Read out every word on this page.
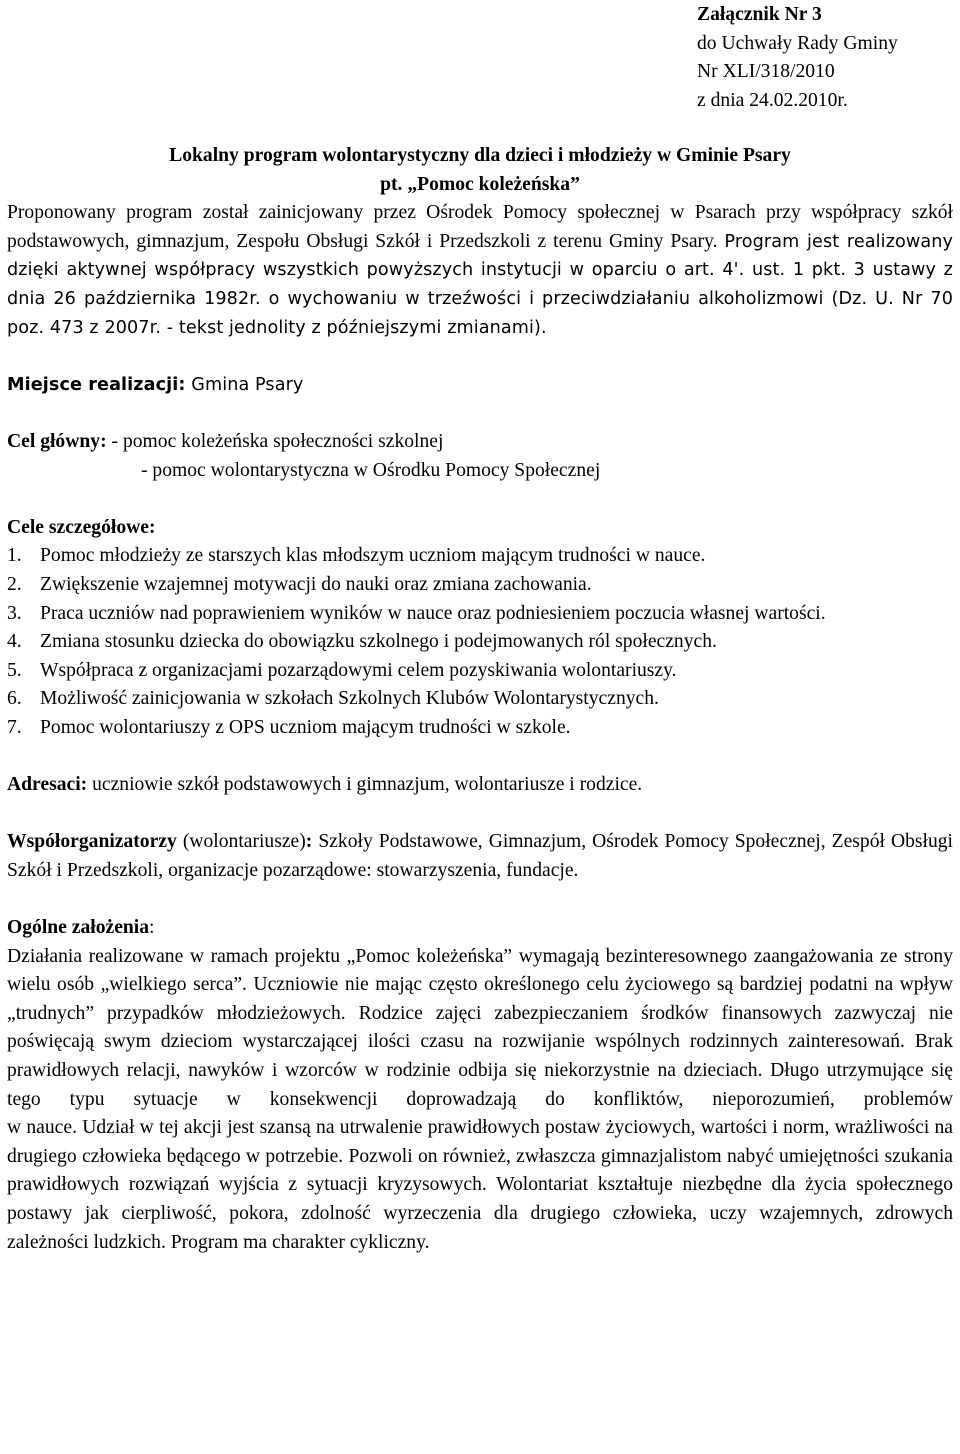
Załącznik Nr 3
do Uchwały Rady Gminy
Nr XLI/318/2010
z dnia 24.02.2010r.

Lokalny program wolontarystyczny dla dzieci i młodzieży w Gminie Psary

pt. „Pomoc koleżeńska”

Proponowany program został zainicjowany przez Ośrodek Pomocy społecznej w Psarach przy współpracy szkół podstawowych, gimnazjum, Zespołu Obsługi Szkół i Przedszkoli z terenu Gminy Psary. Program jest realizowany dzięki aktywnej współpracy wszystkich powyższych instytucji w oparciu o art. 4'. ust. 1 pkt. 3 ustawy z dnia 26 października 1982r. o wychowaniu w trzeźwości i przeciwdziałaniu alkoholizmowi (Dz. U. Nr 70 poz. 473 z 2007r. - tekst jednolity z późniejszymi zmianami).

Miejsce realizacji: Gmina Psary

Cel główny: - pomoc koleżeńska społeczności szkolnej

- pomoc wolontarystyczna w Ośrodku Pomocy Społecznej

Cele szczegółowe:

1. Pomoc młodzieży ze starszych klas młodszym uczniom mającym trudności w nauce.
2. Zwiększenie wzajemnej motywacji do nauki oraz zmiana zachowania.
3. Praca uczniów nad poprawieniem wyników w nauce oraz podniesieniem poczucia własnej wartości.
4. Zmiana stosunku dziecka do obowiązku szkolnego i podejmowanych ról społecznych.
5. Współpraca z organizacjami pozarządowymi celem pozyskiwania wolontariuszy.
6. Możliwość zainicjowania w szkołach Szkolnych Klubów Wolontarystycznych.
7. Pomoc wolontariuszy z OPS uczniom mającym trudności w szkole.

Adresaci: uczniowie szkół podstawowych i gimnazjum, wolontariusze i rodzice.

Współorganizatorzy (wolontariusze): Szkoły Podstawowe, Gimnazjum, Ośrodek Pomocy Społecznej, Zespół Obsługi Szkół i Przedszkoli, organizacje pozarządowe: stowarzyszenia, fundacje.

Ogólne założenia:

Działania realizowane w ramach projektu „Pomoc koleżeńska” wymagają bezinteresownego zaangażowania ze strony wielu osób „wielkiego serca”. Uczniowie nie mając często określonego celu życiowego są bardziej podatni na wpływ „trudnych” przypadków młodzieżowych. Rodzice zajęci zabezpieczaniem środków finansowych zazwyczaj nie poświęcają swym dzieciom wystarczającej ilości czasu na rozwijanie wspólnych rodzinnych zainteresowań. Brak prawidłowych relacji, nawyków i wzorców w rodzinie odbija się niekorzystnie na dzieciach. Długo utrzymujące się tego typu sytuacje w konsekwencji doprowadzają do konfliktów, nieporozumień, problemów

w nauce. Udział w tej akcji jest szansą na utrwalenie prawidłowych postaw życiowych, wartości i norm, wrażliwości na drugiego człowieka będącego w potrzebie. Pozwoli on również, zwłaszcza gimnazjalistom nabyć umiejętności szukania prawidłowych rozwiązań wyjścia z sytuacji kryzysowych. Wolontariat kształtuje niezbędne dla życia społecznego postawy jak cierpliwość, pokora, zdolność wyrzeczenia dla drugiego człowieka, uczy wzajemnych, zdrowych zależności ludzkich. Program ma charakter cykliczny.
